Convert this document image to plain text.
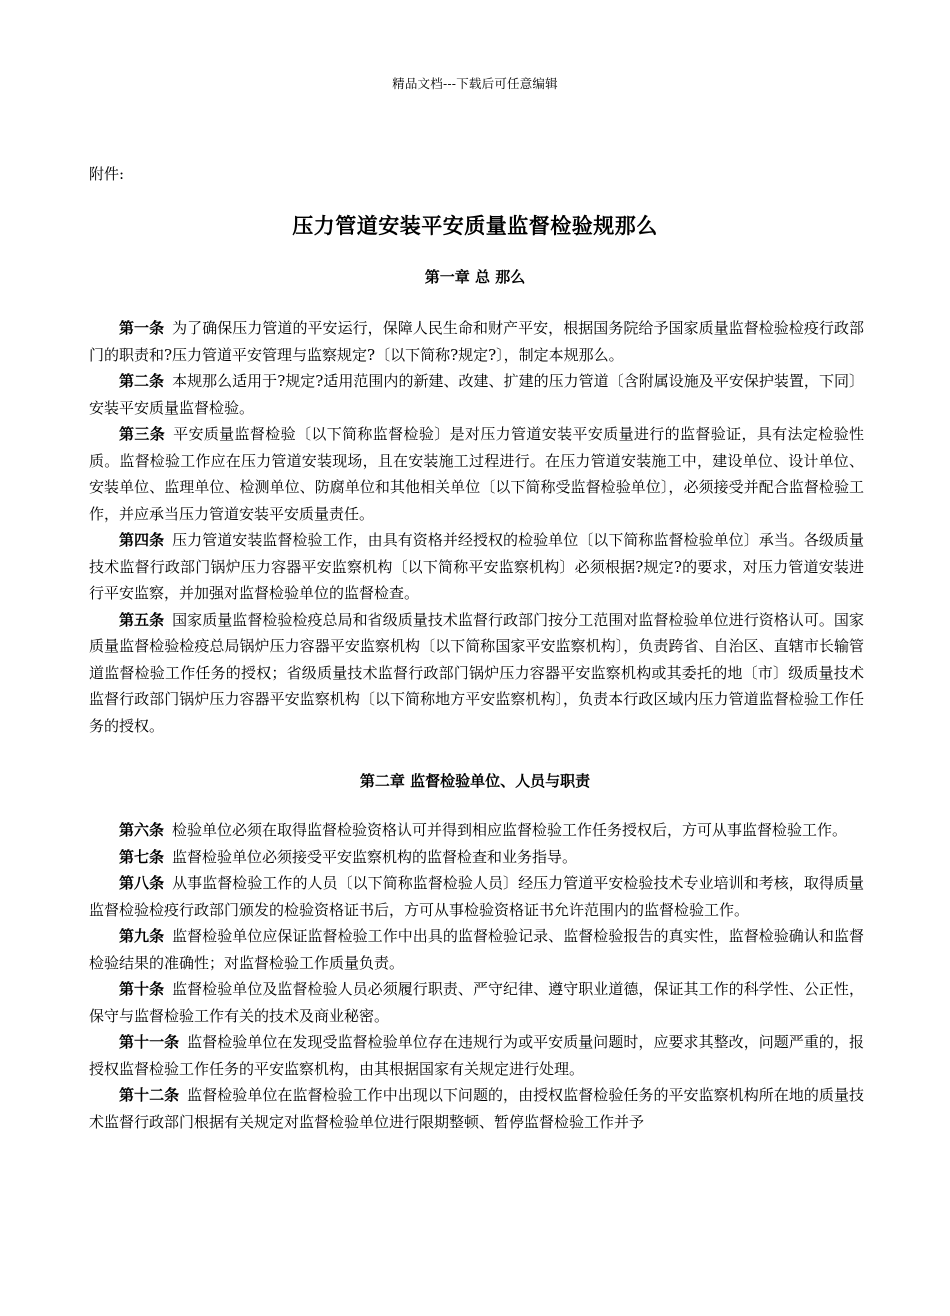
精品文档---下载后可任意编辑
附件:
压力管道安装平安质量监督检验规那么
第一章 总 那么

第一条 为了确保压力管道的平安运行，保障人民生命和财产平安，根据国务院给予国家质量监督检验检疫行政部门的职责和?压力管道平安管理与监察规定?〔以下简称?规定?〕，制定本规那么。

第二条 本规那么适用于?规定?适用范围内的新建、改建、扩建的压力管道〔含附属设施及平安保护装置，下同〕安装平安质量监督检验。

第三条 平安质量监督检验〔以下简称监督检验〕是对压力管道安装平安质量进行的监督验证，具有法定检验性质。监督检验工作应在压力管道安装现场，且在安装施工过程进行。在压力管道安装施工中，建设单位、设计单位、安装单位、监理单位、检测单位、防腐单位和其他相关单位〔以下简称受监督检验单位〕，必须接受并配合监督检验工作，并应承当压力管道安装平安质量责任。

第四条 压力管道安装监督检验工作，由具有资格并经授权的检验单位〔以下简称监督检验单位〕承当。各级质量技术监督行政部门锅炉压力容器平安监察机构〔以下简称平安监察机构〕必须根据?规定?的要求，对压力管道安装进行平安监察，并加强对监督检验单位的监督检查。

第五条 国家质量监督检验检疫总局和省级质量技术监督行政部门按分工范围对监督检验单位进行资格认可。国家质量监督检验检疫总局锅炉压力容器平安监察机构〔以下简称国家平安监察机构〕，负责跨省、自治区、直辖市长输管道监督检验工作任务的授权；省级质量技术监督行政部门锅炉压力容器平安监察机构或其委托的地〔市〕级质量技术监督行政部门锅炉压力容器平安监察机构〔以下简称地方平安监察机构〕，负责本行政区域内压力管道监督检验工作任务的授权。

第二章 监督检验单位、人员与职责

第六条 检验单位必须在取得监督检验资格认可并得到相应监督检验工作任务授权后，方可从事监督检验工作。

第七条 监督检验单位必须接受平安监察机构的监督检查和业务指导。

第八条 从事监督检验工作的人员〔以下简称监督检验人员〕经压力管道平安检验技术专业培训和考核，取得质量监督检验检疫行政部门颁发的检验资格证书后，方可从事检验资格证书允许范围内的监督检验工作。

第九条 监督检验单位应保证监督检验工作中出具的监督检验记录、监督检验报告的真实性，监督检验确认和监督检验结果的准确性；对监督检验工作质量负责。

第十条 监督检验单位及监督检验人员必须履行职责、严守纪律、遵守职业道德，保证其工作的科学性、公正性，保守与监督检验工作有关的技术及商业秘密。

第十一条 监督检验单位在发现受监督检验单位存在违规行为或平安质量问题时，应要求其整改，问题严重的，报授权监督检验工作任务的平安监察机构，由其根据国家有关规定进行处理。

第十二条 监督检验单位在监督检验工作中出现以下问题的，由授权监督检验任务的平安监察机构所在地的质量技术监督行政部门根据有关规定对监督检验单位进行限期整顿、暂停监督检验工作并予
